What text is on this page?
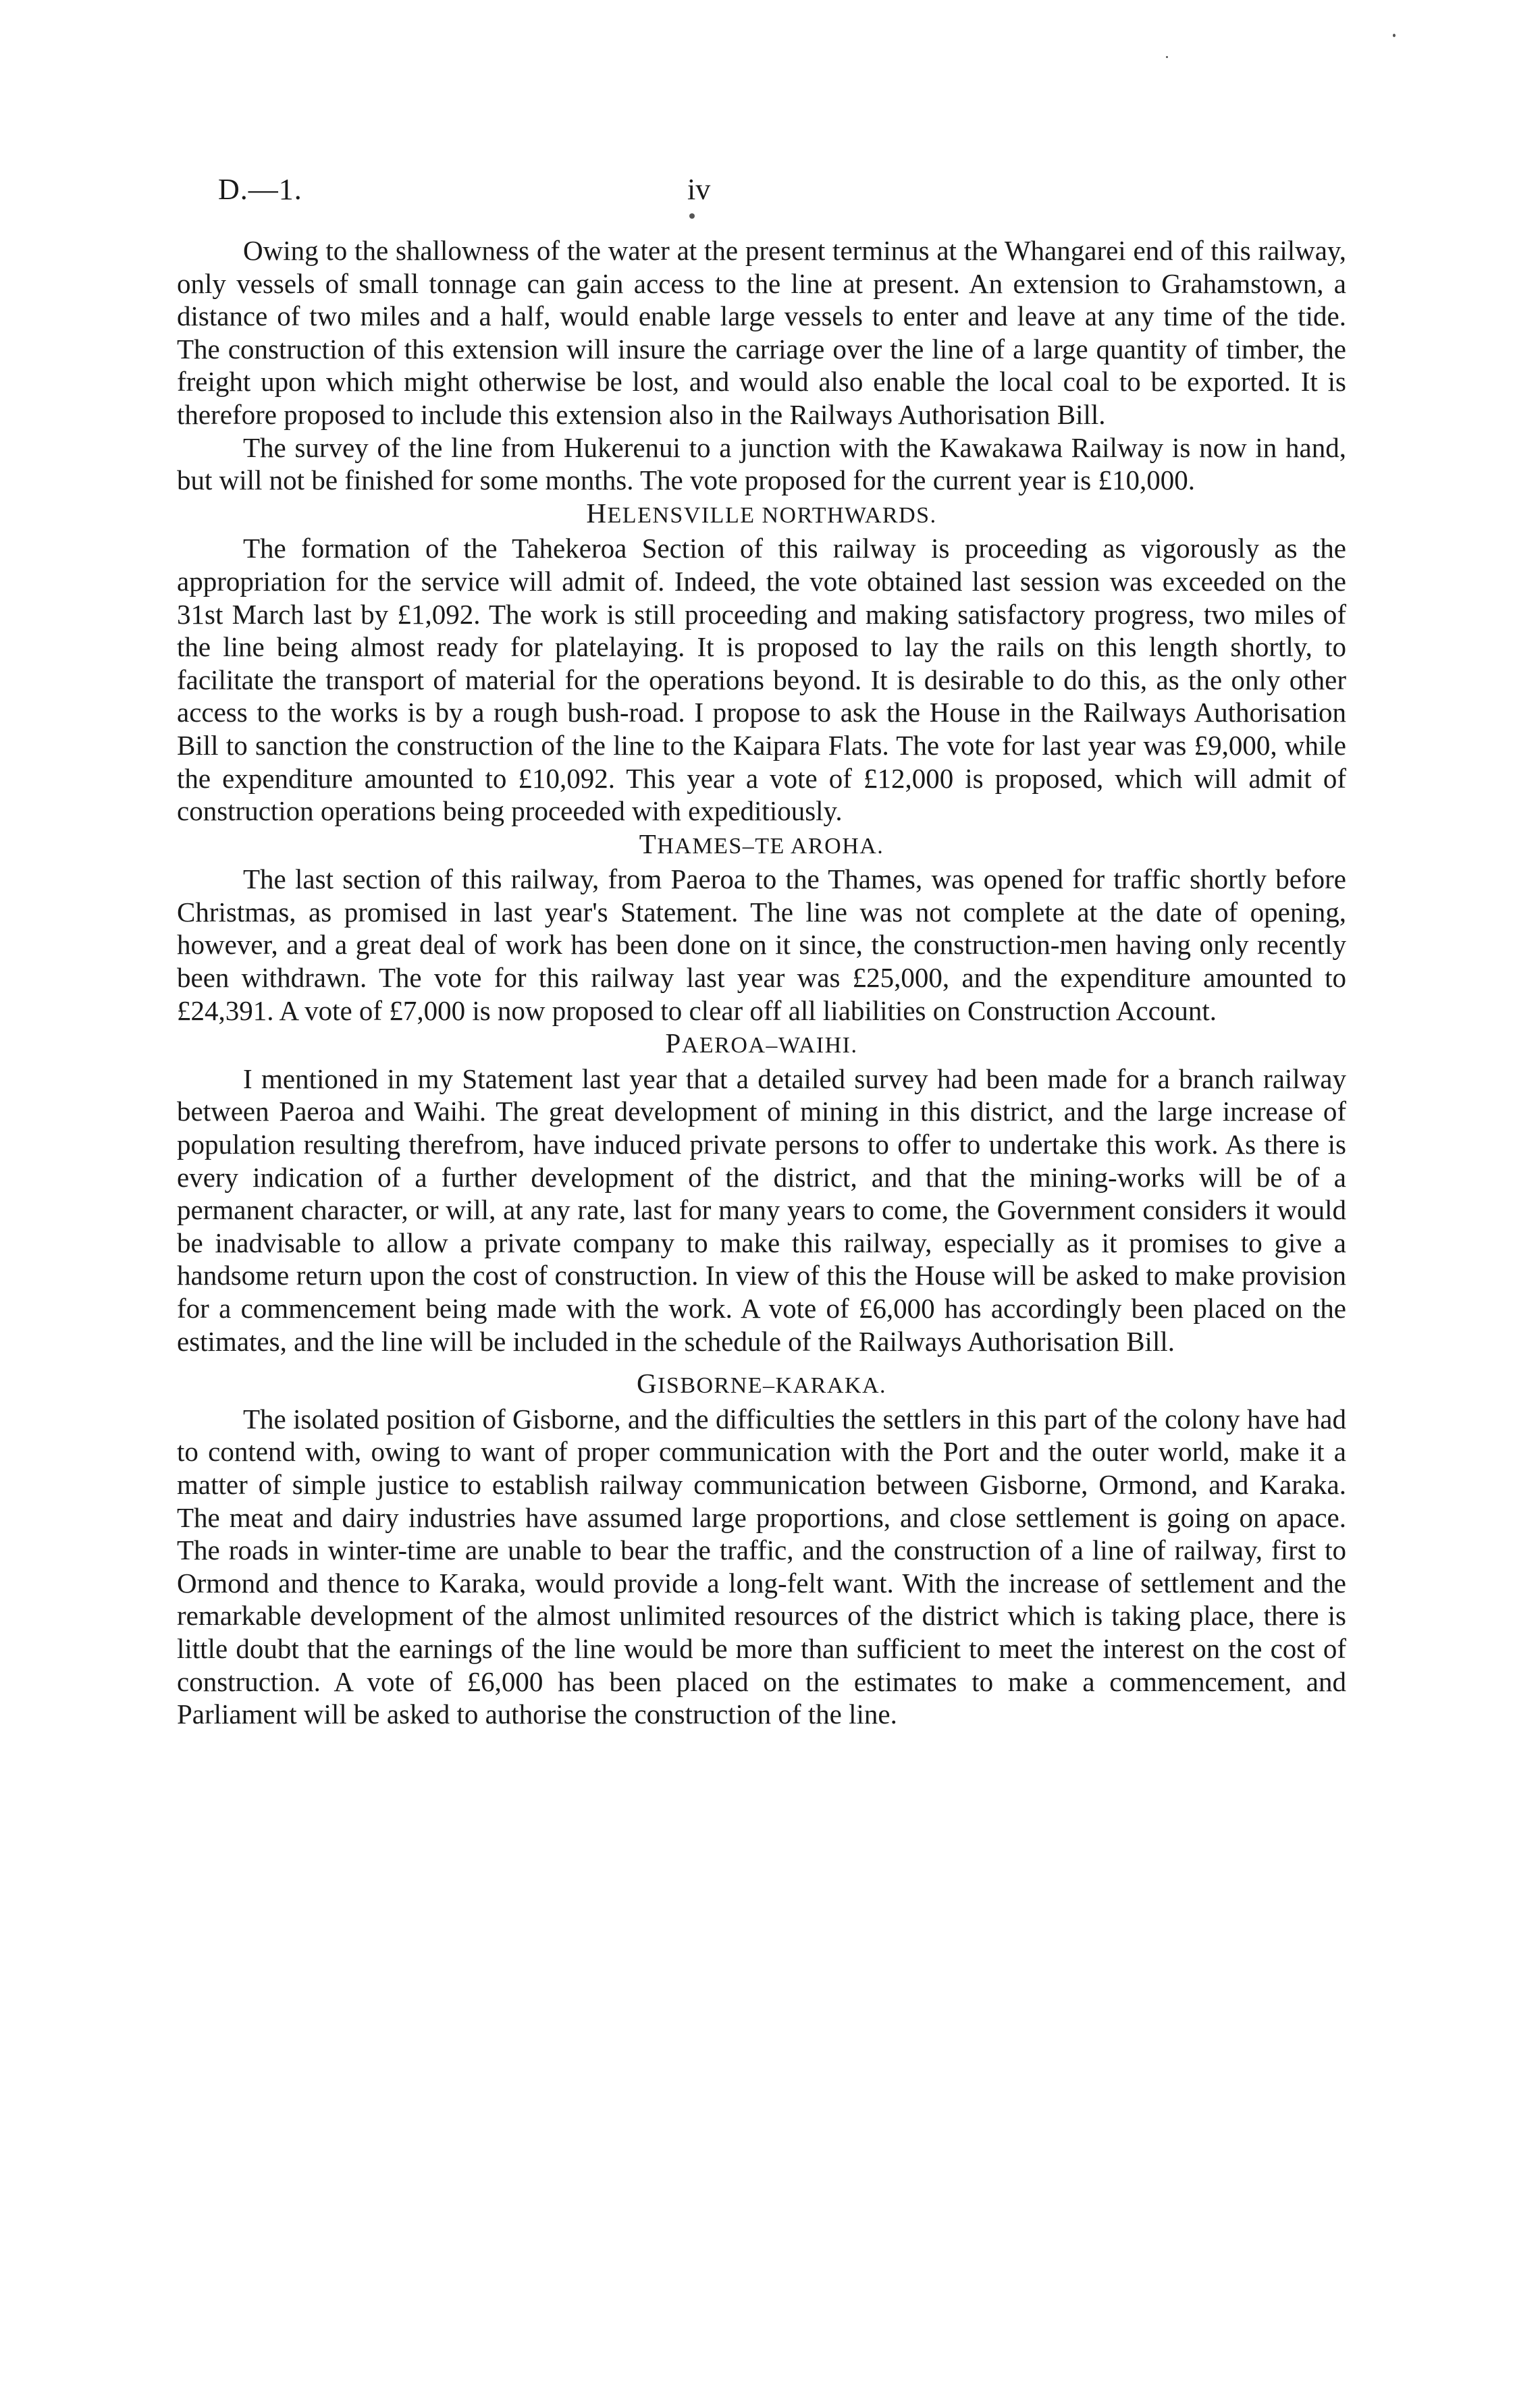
D.—1.	iv

Owing to the shallowness of the water at the present terminus at the Whangarei end of this railway, only vessels of small tonnage can gain access to the line at present. An extension to Grahamstown, a distance of two miles and a half, would enable large vessels to enter and leave at any time of the tide. The construction of this extension will insure the carriage over the line of a large quantity of timber, the freight upon which might otherwise be lost, and would also enable the local coal to be exported. It is therefore proposed to include this extension also in the Railways Authorisation Bill.

The survey of the line from Hukerenui to a junction with the Kawakawa Railway is now in hand, but will not be finished for some months. The vote proposed for the current year is £10,000.

HELENSVILLE NORTHWARDS.

The formation of the Tahekeroa Section of this railway is proceeding as vigorously as the appropriation for the service will admit of. Indeed, the vote obtained last session was exceeded on the 31st March last by £1,092. The work is still proceeding and making satisfactory progress, two miles of the line being almost ready for platelaying. It is proposed to lay the rails on this length shortly, to facilitate the transport of material for the operations beyond. It is desirable to do this, as the only other access to the works is by a rough bush-road. I propose to ask the House in the Railways Authorisation Bill to sanction the construction of the line to the Kaipara Flats. The vote for last year was £9,000, while the expenditure amounted to £10,092. This year a vote of £12,000 is proposed, which will admit of construction operations being proceeded with expeditiously.

THAMES–TE AROHA.

The last section of this railway, from Paeroa to the Thames, was opened for traffic shortly before Christmas, as promised in last year's Statement. The line was not complete at the date of opening, however, and a great deal of work has been done on it since, the construction-men having only recently been withdrawn. The vote for this railway last year was £25,000, and the expenditure amounted to £24,391. A vote of £7,000 is now proposed to clear off all liabilities on Construction Account.

PAEROA–WAIHI.

I mentioned in my Statement last year that a detailed survey had been made for a branch railway between Paeroa and Waihi. The great development of mining in this district, and the large increase of population resulting therefrom, have induced private persons to offer to undertake this work. As there is every indication of a further development of the district, and that the mining-works will be of a permanent character, or will, at any rate, last for many years to come, the Government considers it would be inadvisable to allow a private company to make this railway, especially as it promises to give a handsome return upon the cost of construction. In view of this the House will be asked to make provision for a commencement being made with the work. A vote of £6,000 has accordingly been placed on the estimates, and the line will be included in the schedule of the Railways Authorisation Bill.

GISBORNE–KARAKA.

The isolated position of Gisborne, and the difficulties the settlers in this part of the colony have had to contend with, owing to want of proper communication with the Port and the outer world, make it a matter of simple justice to establish railway communication between Gisborne, Ormond, and Karaka. The meat and dairy industries have assumed large proportions, and close settlement is going on apace. The roads in winter-time are unable to bear the traffic, and the construction of a line of railway, first to Ormond and thence to Karaka, would provide a long-felt want. With the increase of settlement and the remarkable development of the almost unlimited resources of the district which is taking place, there is little doubt that the earnings of the line would be more than sufficient to meet the interest on the cost of construction. A vote of £6,000 has been placed on the estimates to make a commencement, and Parliament will be asked to authorise the construction of the line.
